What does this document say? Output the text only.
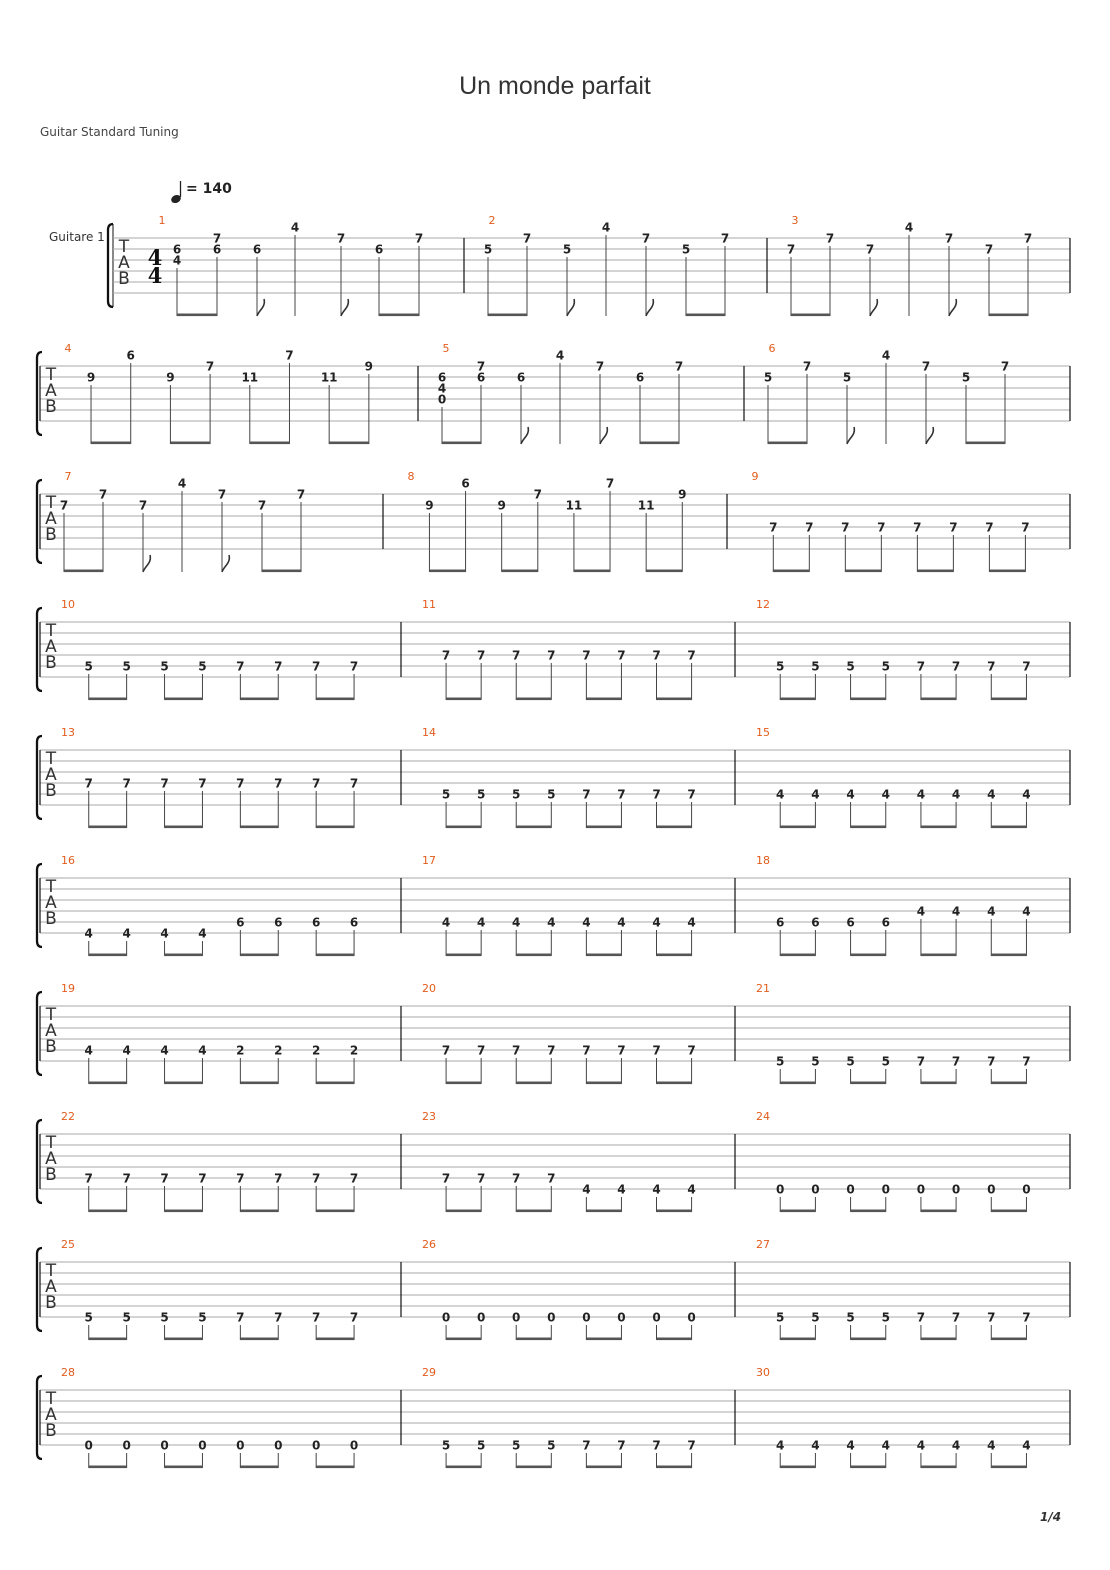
Un monde parfait
Guitar Standard Tuning
= 140
Guitare 1 T
A
B
4
4
1
6
4
7
6	6
4
7
6
7
2
5
7
5
4
7
5
7
3
7
7
7
4
7
7
7
T
A
B
4
9
6
9
7
11
7
11
9
5
6
4
0
7
6	6
4
7
6
7
6
5
7
5
4
7
5
7
T
A
B
7
7
7
7
4
7
7
7
8
9
6
9
7
11
7
11
9
9
7 7 7 7 7 7 7 7
T
A
B
10
5 5 5 5 7 7 7 7
11
7 7 7 7 7 7 7 7
12
5 5 5 5 7 7 7 7
T
A
B
13
7 7 7 7 7 7 7 7
14
5 5 5 5 7 7 7 7
15
4 4 4 4 4 4 4 4
T
A
B
16
4 4 4 4
6 6 6 6
17
4 4 4 4 4 4 4 4
18
6 6 6 6
4 4 4 4
T
A
B
19
4 4 4 4 2 2 2 2
20
7 7 7 7 7 7 7 7
21
5 5 5 5 7 7 7 7
T
A
B
22
7 7 7 7 7 7 7 7
23
7 7 7 7
4 4 4 4
24
0 0 0 0 0 0 0 0
T
A
B
25
5 5 5 5 7 7 7 7
26
0 0 0 0 0 0 0 0
27
5 5 5 5 7 7 7 7
T
A
B
28
0 0 0 0 0 0 0 0
29
5 5 5 5 7 7 7 7
30
4 4 4 4 4 4 4 4
1/4
